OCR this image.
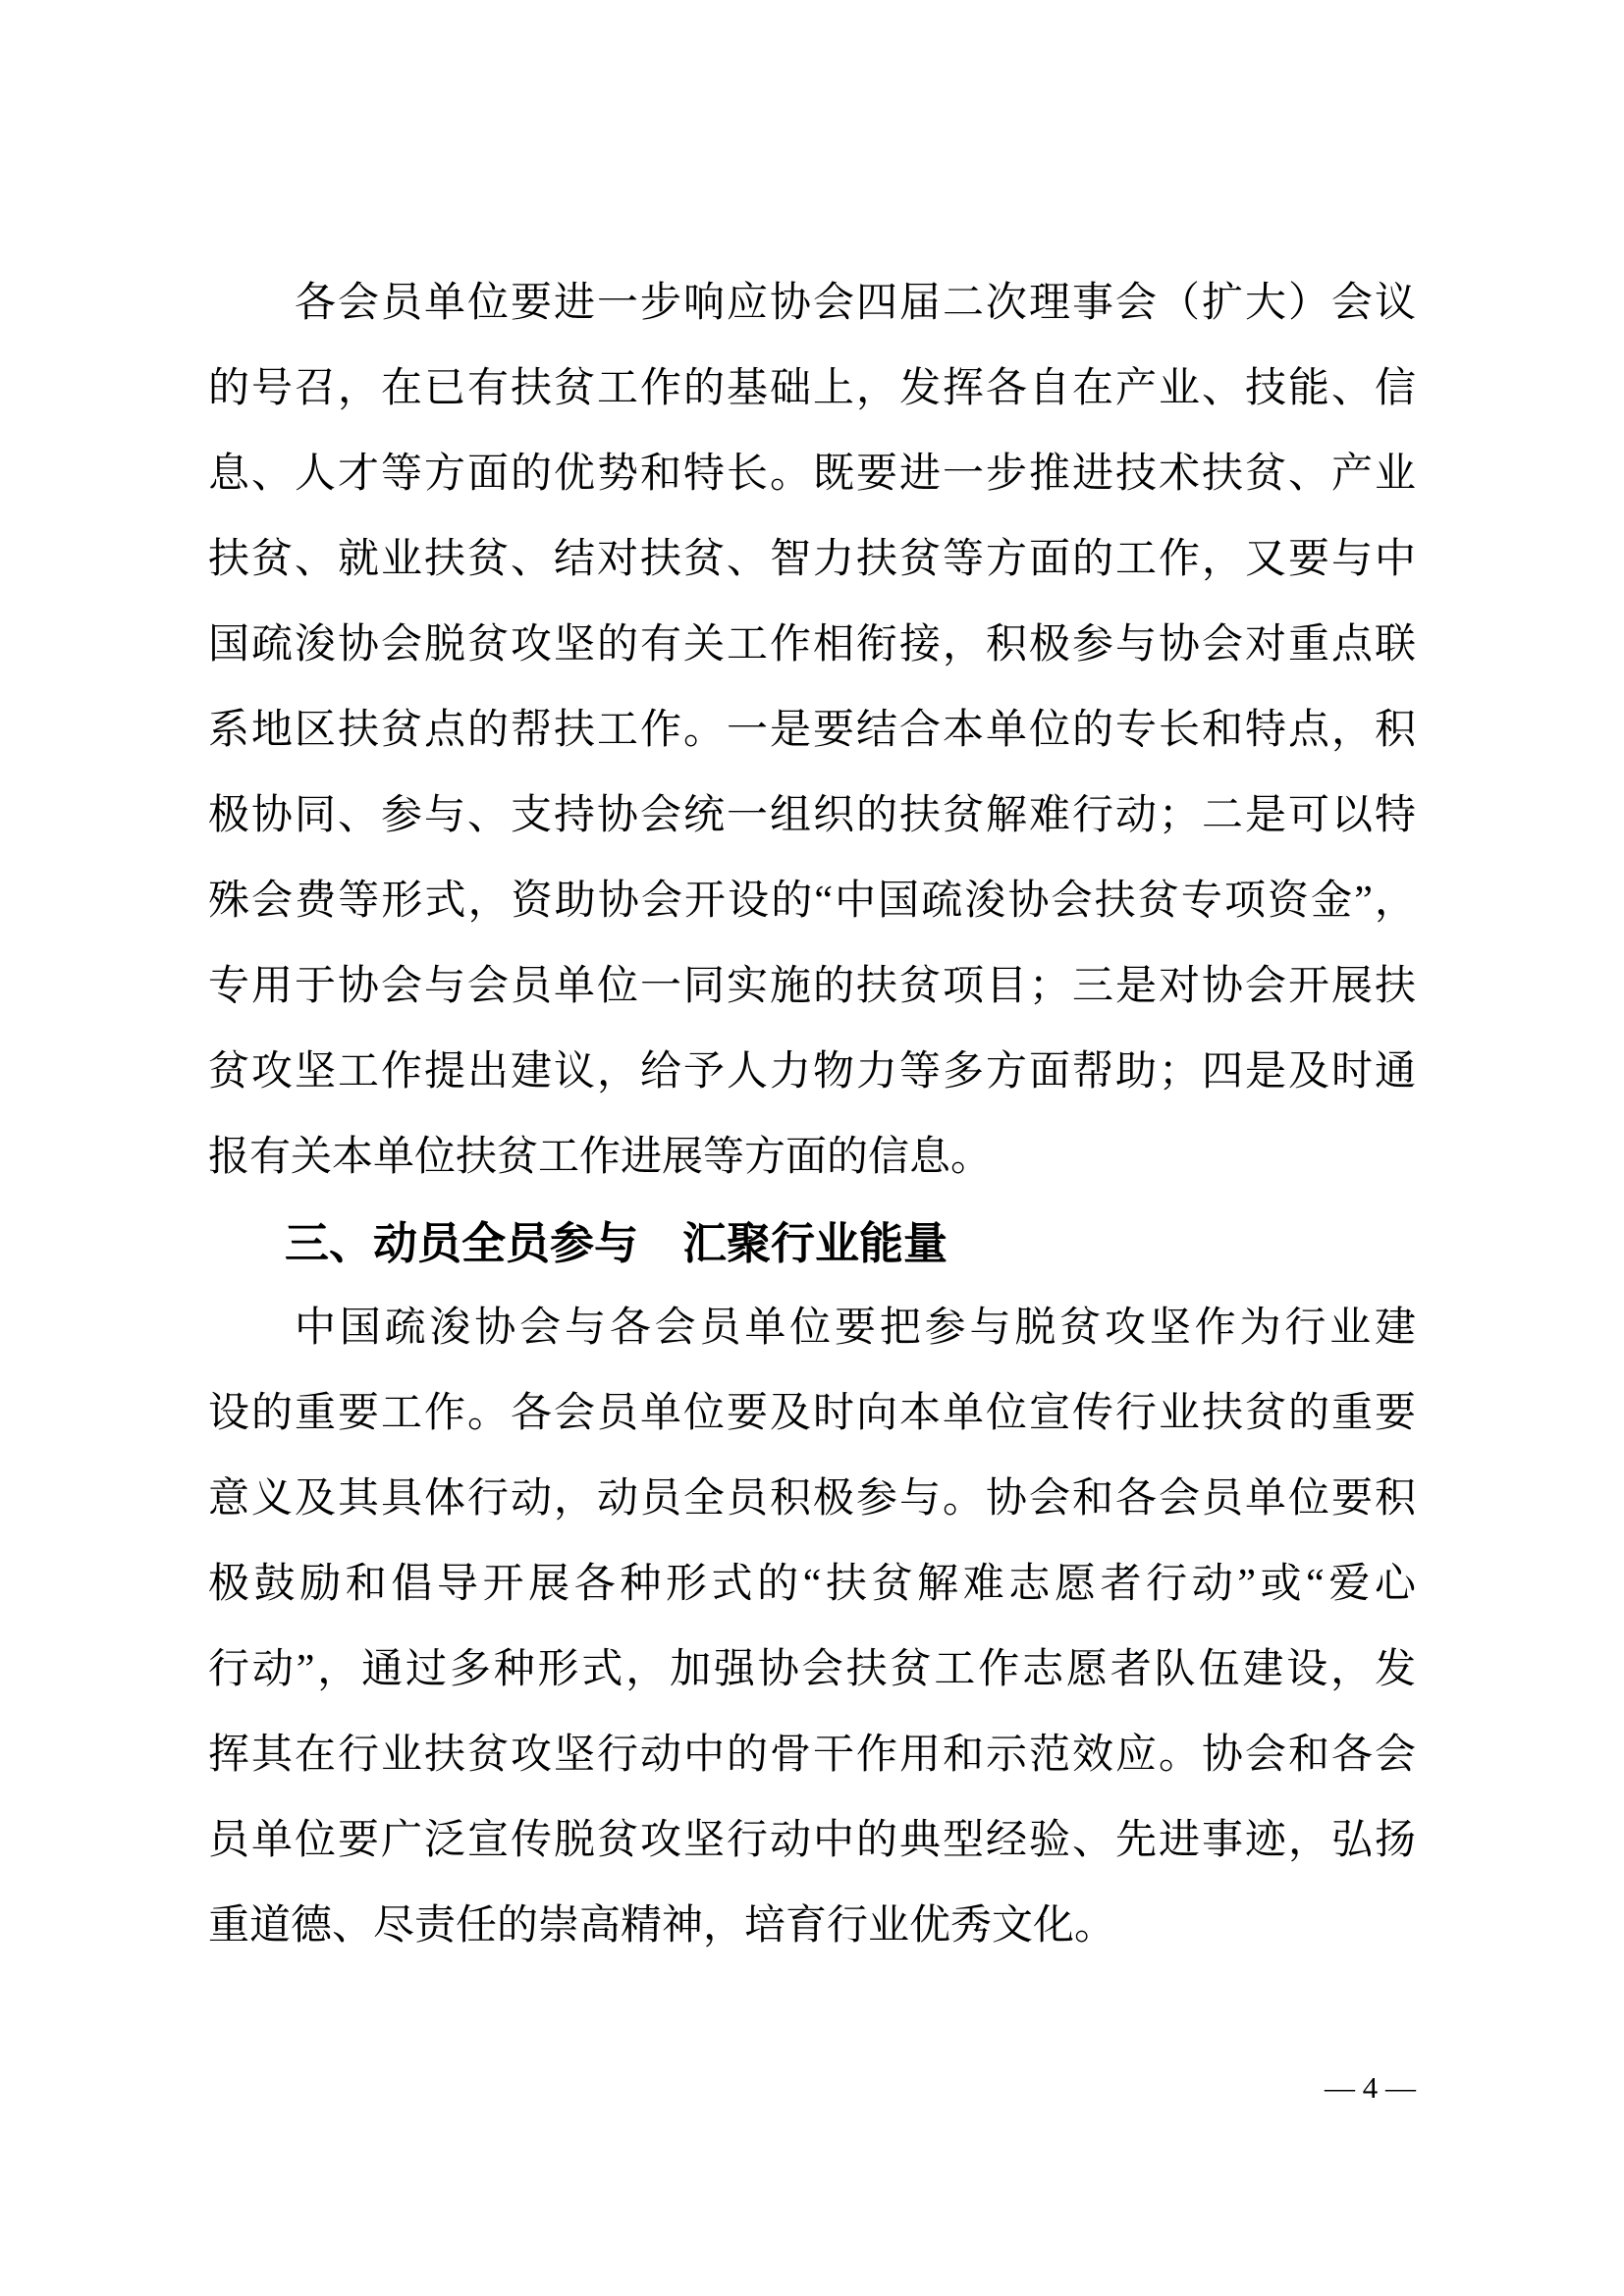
各会员单位要进一步响应协会四届二次理事会（扩大）会议

的号召，在已有扶贫工作的基础上，发挥各自在产业、技能、信

息、人才等方面的优势和特长。既要进一步推进技术扶贫、产业

扶贫、就业扶贫、结对扶贫、智力扶贫等方面的工作，又要与中

国疏浚协会脱贫攻坚的有关工作相衔接，积极参与协会对重点联

系地区扶贫点的帮扶工作。一是要结合本单位的专长和特点，积

极协同、参与、支持协会统一组织的扶贫解难行动；二是可以特

殊会费等形式，资助协会开设的“中国疏浚协会扶贫专项资金”，

专用于协会与会员单位一同实施的扶贫项目；三是对协会开展扶

贫攻坚工作提出建议，给予人力物力等多方面帮助；四是及时通

报有关本单位扶贫工作进展等方面的信息。

三、动员全员参与　汇聚行业能量

中国疏浚协会与各会员单位要把参与脱贫攻坚作为行业建

设的重要工作。各会员单位要及时向本单位宣传行业扶贫的重要

意义及其具体行动，动员全员积极参与。协会和各会员单位要积

极鼓励和倡导开展各种形式的“扶贫解难志愿者行动”或“爱心

行动”，通过多种形式，加强协会扶贫工作志愿者队伍建设，发

挥其在行业扶贫攻坚行动中的骨干作用和示范效应。协会和各会

员单位要广泛宣传脱贫攻坚行动中的典型经验、先进事迹，弘扬

重道德、尽责任的崇高精神，培育行业优秀文化。

— 4 —
